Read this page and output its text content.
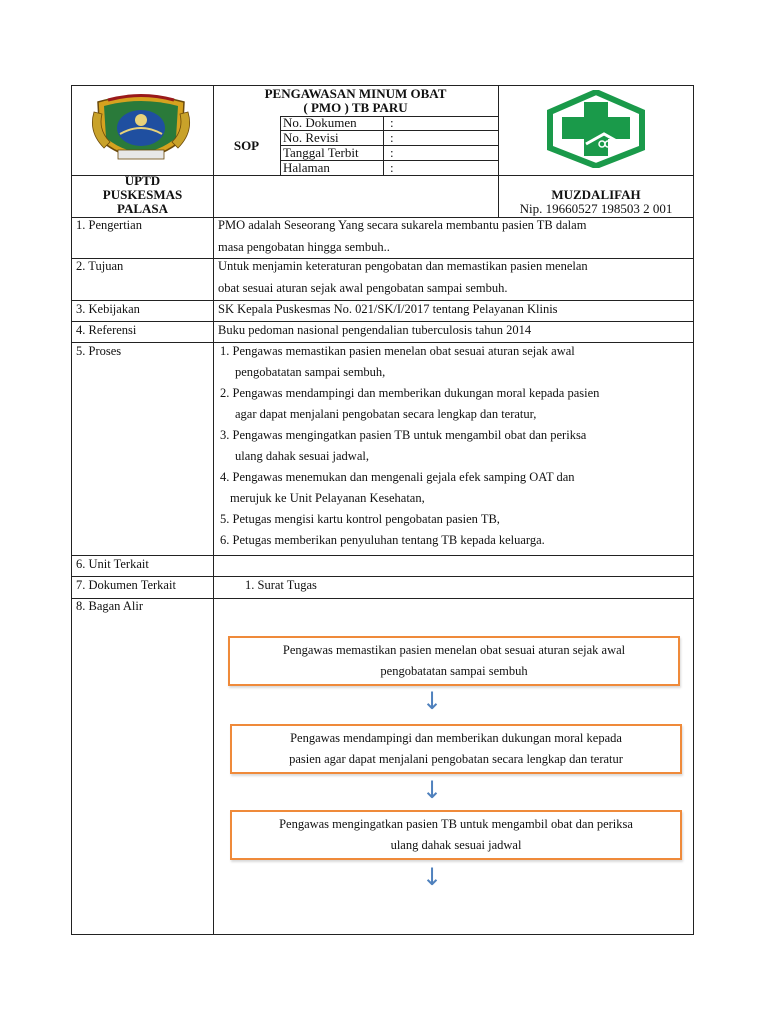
PENGAWASAN MINUM OBAT
( PMO ) TB PARU
SOP
No. Dokumen	:
No. Revisi	:
Tanggal Terbit :
Halaman	:
UPTD
PUSKESMAS
PALASA
MUZDALIFAH
Nip. 19660527 198503 2 001
1. Pengertian	PMO adalah Seseorang Yang secara sukarela membantu pasien TB dalam
masa pengobatan hingga sembuh..
2. Tujuan	Untuk menjamin keteraturan pengobatan dan memastikan pasien menelan
obat sesuai aturan sejak awal pengobatan sampai sembuh.
3. Kebijakan	SK Kepala Puskesmas No. 021/SK/I/2017 tentang Pelayanan Klinis
4. Referensi	Buku pedoman nasional pengendalian tuberculosis tahun 2014
5. Proses	1. Pengawas memastikan pasien menelan obat sesuai aturan sejak awal
pengobatatan sampai sembuh,
2. Pengawas mendampingi dan memberikan dukungan moral kepada pasien
agar dapat menjalani pengobatan secara lengkap dan teratur,
3. Pengawas mengingatkan pasien TB untuk mengambil obat dan periksa
ulang dahak sesuai jadwal,
4. Pengawas menemukan dan mengenali gejala efek samping OAT dan
merujuk ke Unit Pelayanan Kesehatan,
5. Petugas mengisi kartu kontrol pengobatan pasien TB,
6. Petugas memberikan penyuluhan tentang TB kepada keluarga.
6. Unit Terkait
7. Dokumen Terkait	1. Surat Tugas
8. Bagan Alir
Pengawas memastikan pasien menelan obat sesuai aturan sejak awal
pengobatatan sampai sembuh
↓
Pengawas mendampingi dan memberikan dukungan moral kepada
pasien agar dapat menjalani pengobatan secara lengkap dan teratur
↓
Pengawas mengingatkan pasien TB untuk mengambil obat dan periksa
ulang dahak sesuai jadwal
↓
